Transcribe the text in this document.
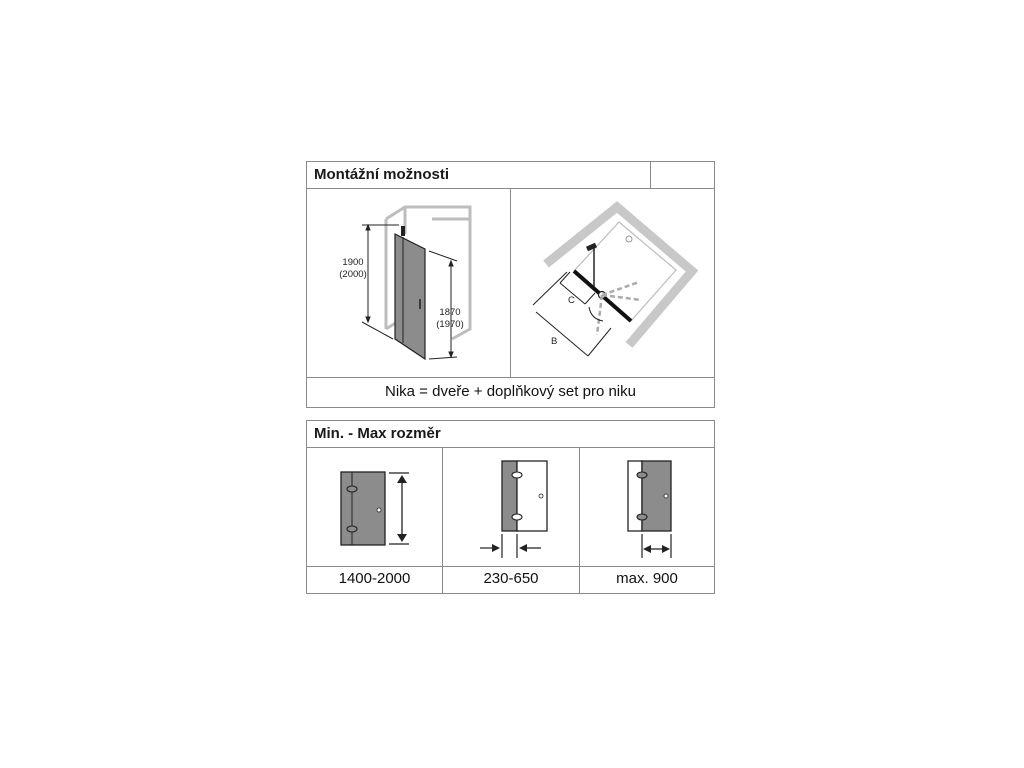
Montážní možnosti
1900
(2000)
1870
(1970)
C
B
Nika = dveře + doplňkový set pro niku
Min. - Max rozměr
1400-2000	230-650	max. 900
